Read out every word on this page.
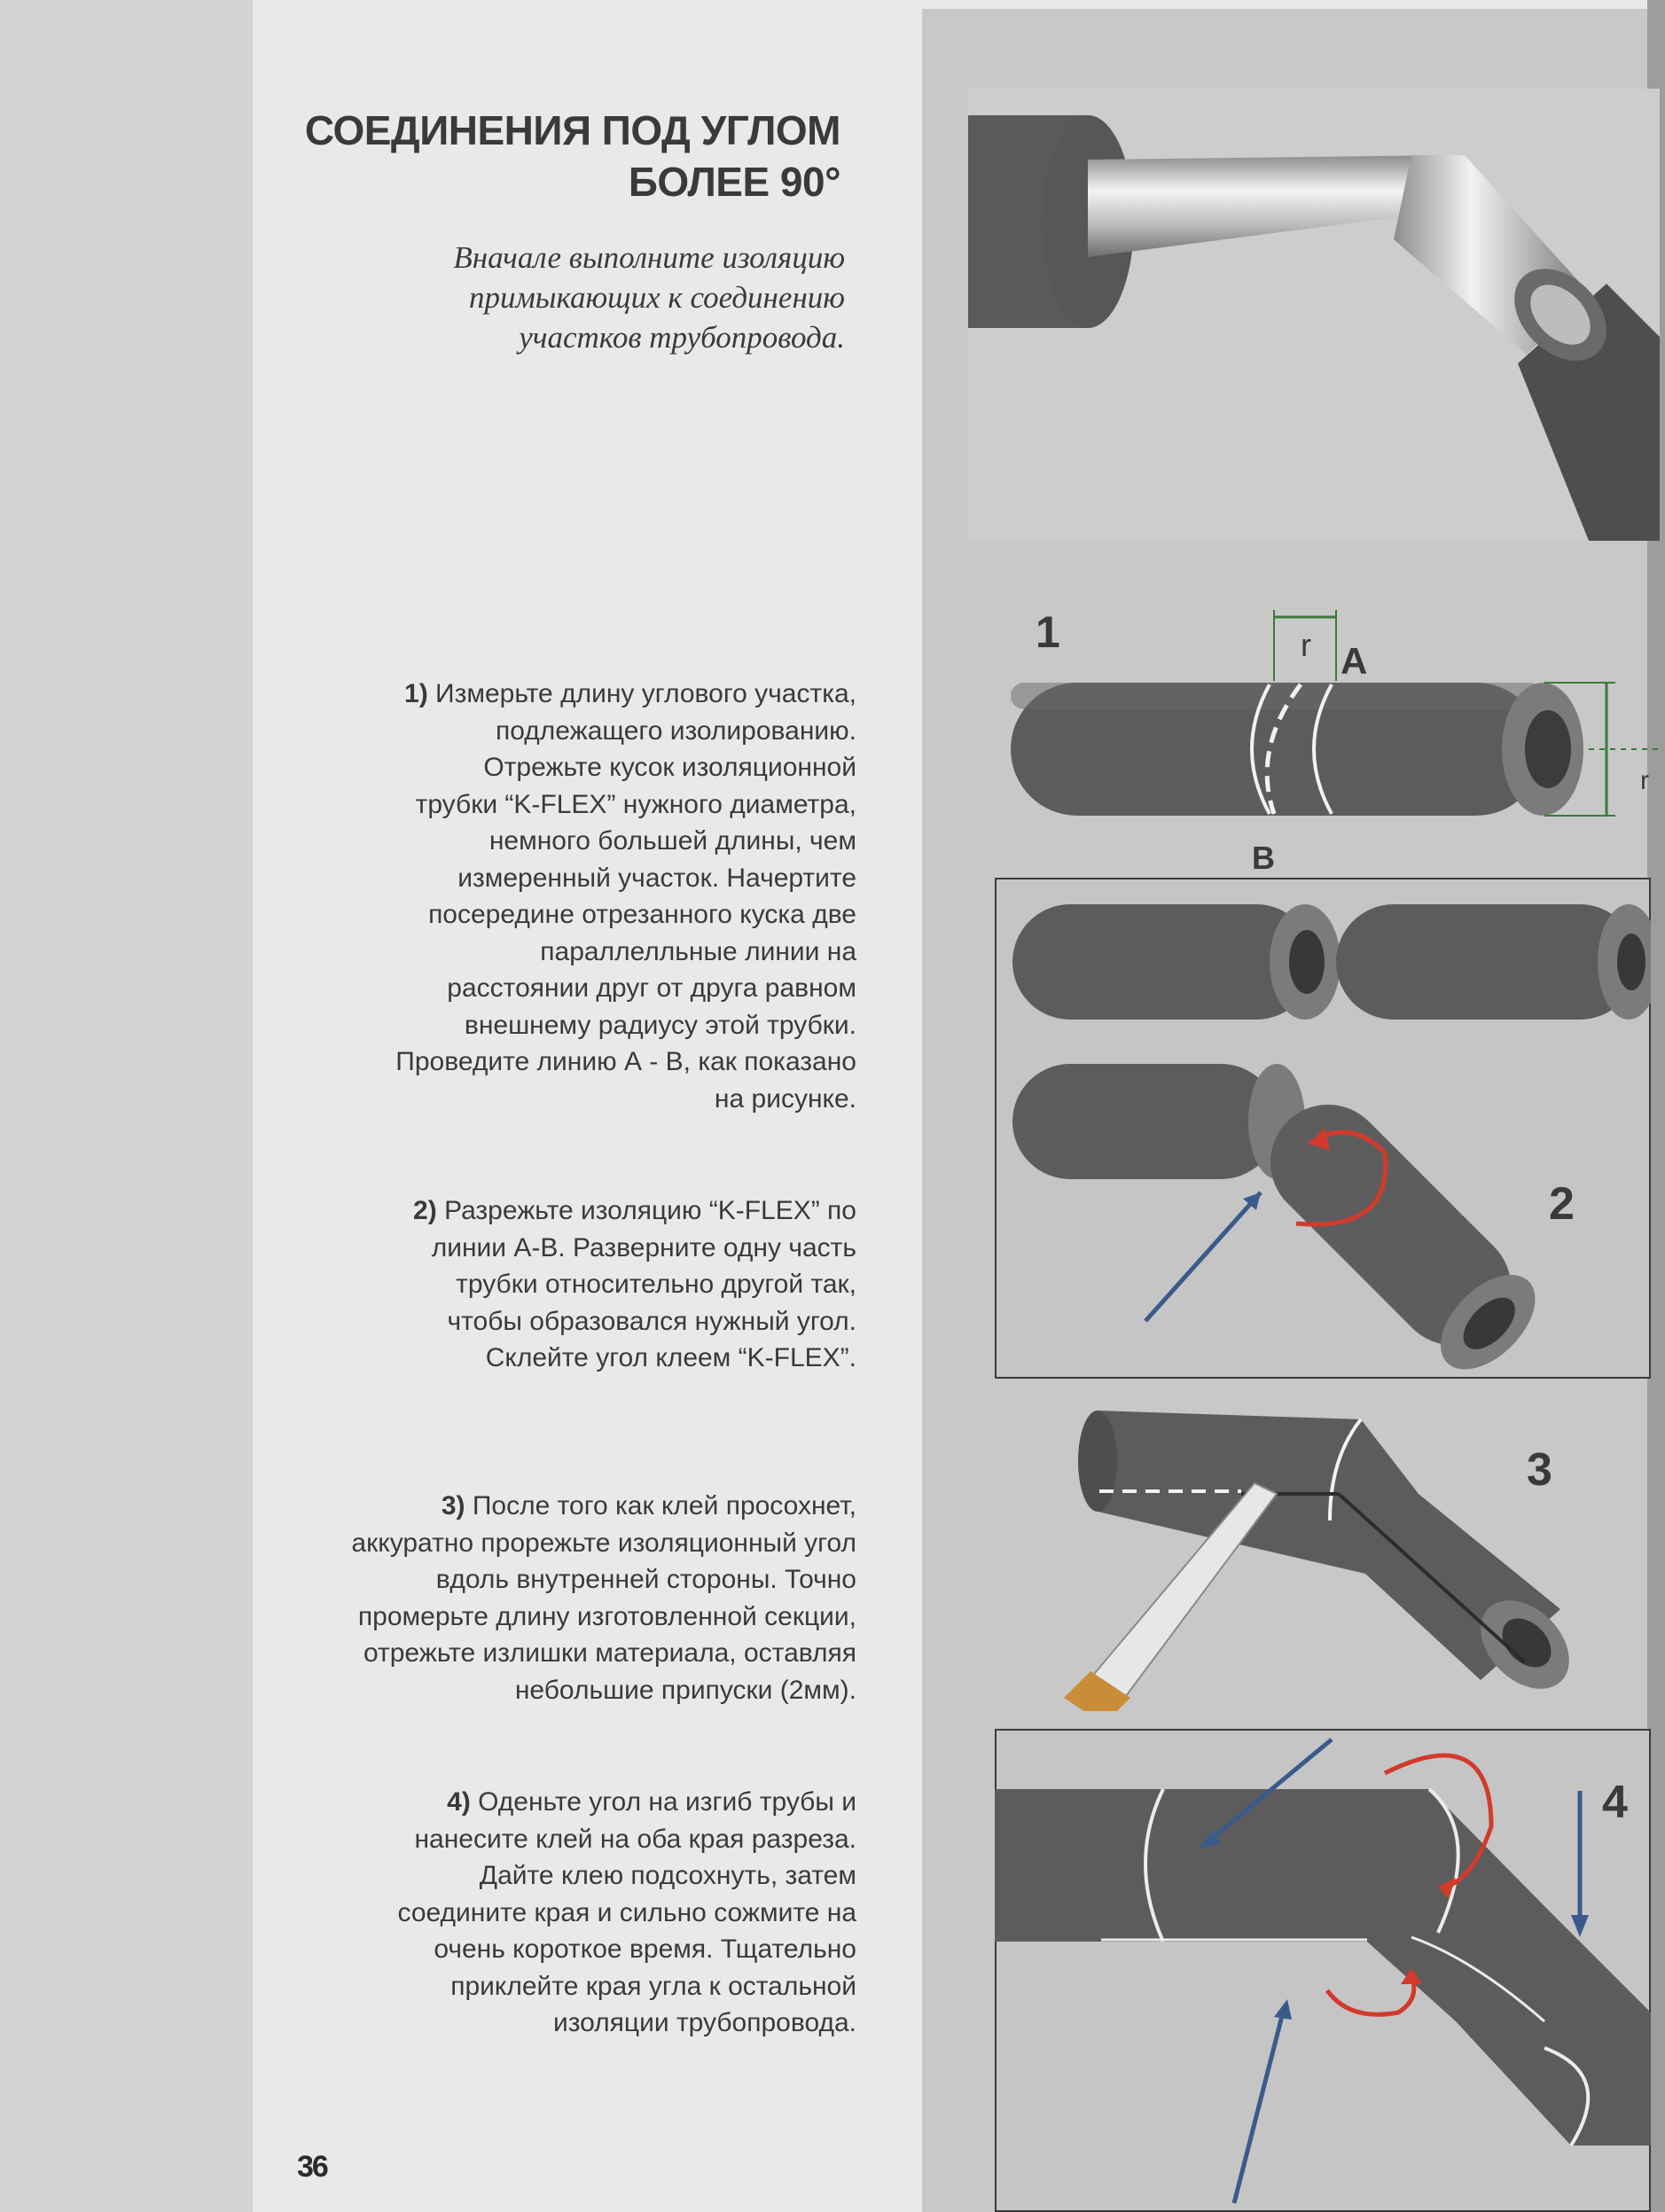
СОЕДИНЕНИЯ ПОД УГЛОМ
БОЛЕЕ 90°
Вначале выполните изоляцию
примыкающих к соединению
участков трубопровода.
1) Измерьте длину углового участка, подлежащего изолированию. Отрежьте кусок изоляционной трубки “K-FLEX” нужного диаметра, немного большей длины, чем измеренный участок. Начертите посередине отрезанного куска две параллелльные линии на расстоянии друг от друга равном внешнему радиусу этой трубки. Проведите линию А - В, как показано на рисунке.
2) Разрежьте изоляцию “K-FLEX” по линии А-В. Разверните одну часть трубки относительно другой так, чтобы образовался нужный угол. Склейте угол клеем “K-FLEX”.
3) После того как клей просохнет, аккуратно прорежьте изоляционный угол вдоль внутренней стороны. Точно промерьте длину изготовленной секции, отрежьте излишки материала, оставляя небольшие припуски (2мм).
4) Оденьте угол на изгиб трубы и нанесите клей на оба края разреза. Дайте клею подсохнуть, затем соедините края и сильно сожмите на очень короткое время. Тщательно приклейте края угла к остальной изоляции трубопровода.
36
1	r A
B
r
2
3
4
